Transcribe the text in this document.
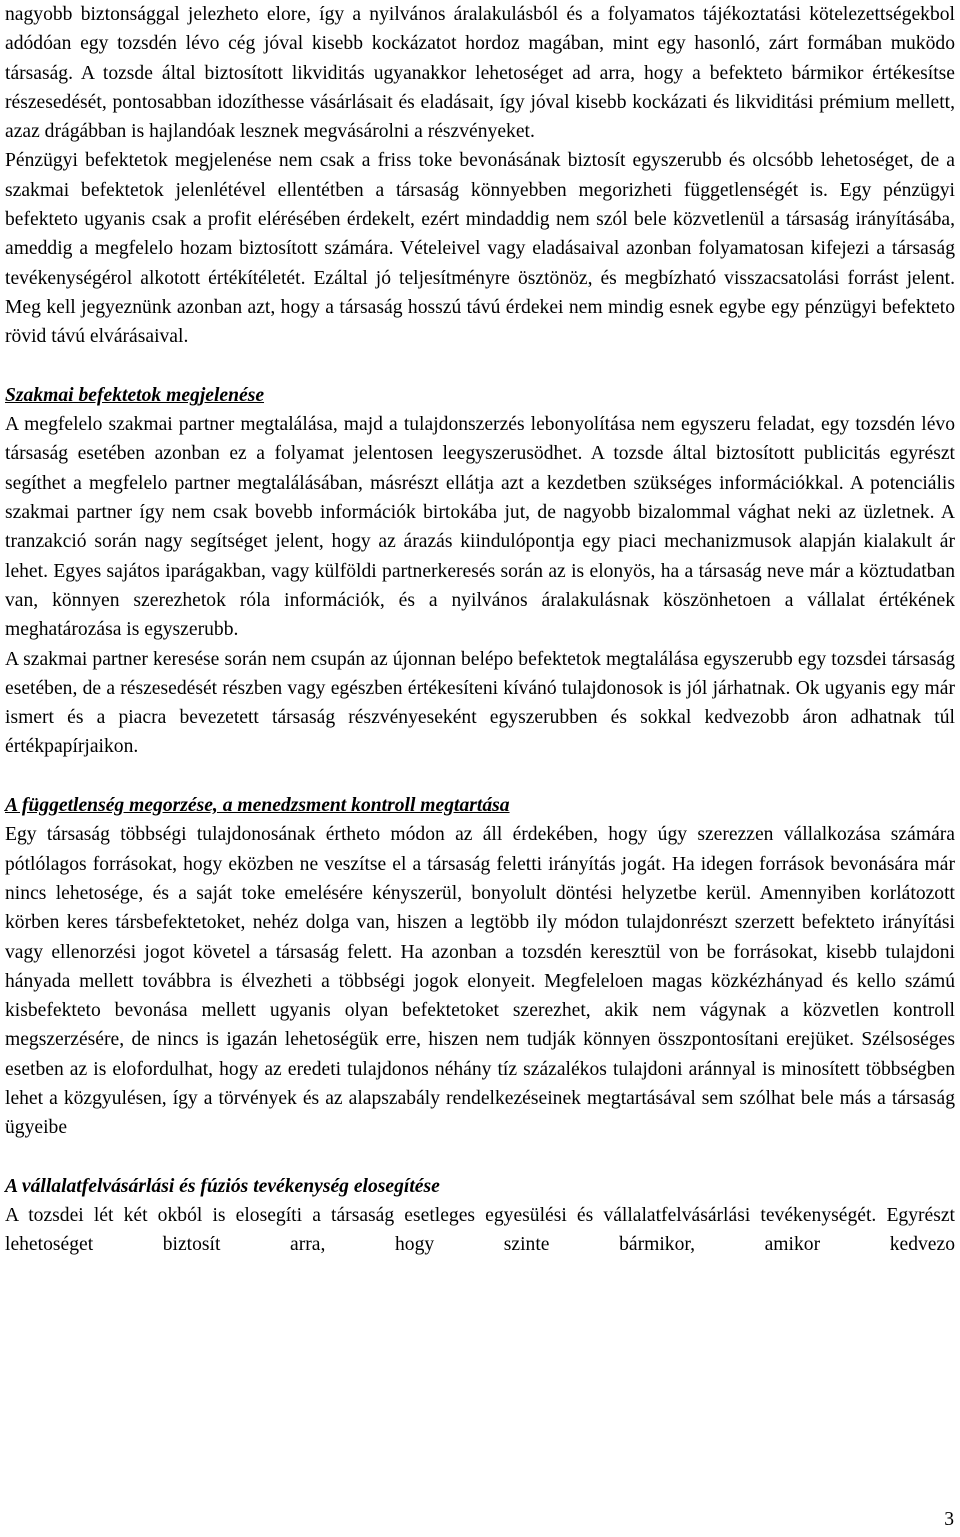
nagyobb biztonsággal jelezheto elore, így a nyilvános áralakulásból és a folyamatos tájékoztatási kötelezettségekbol adódóan egy tozsdén lévo cég jóval kisebb kockázatot hordoz magában, mint egy hasonló, zárt formában muködo társaság. A tozsde által biztosított likviditás ugyanakkor lehetoséget ad arra, hogy a befekteto bármikor értékesítse részesedését, pontosabban idozíthesse vásárlásait és eladásait, így jóval kisebb kockázati és likviditási prémium mellett, azaz drágábban is hajlandóak lesznek megvásárolni a részvényeket.

Pénzügyi befektetok megjelenése nem csak a friss toke bevonásának biztosít egyszerubb és olcsóbb lehetoséget, de a szakmai befektetok jelenlétével ellentétben a társaság könnyebben megorizheti függetlenségét is. Egy pénzügyi befekteto ugyanis csak a profit elérésében érdekelt, ezért mindaddig nem szól bele közvetlenül a társaság irányításába, ameddig a megfelelo hozam biztosított számára. Vételeivel vagy eladásaival azonban folyamatosan kifejezi a társaság tevékenységérol alkotott értékítéletét. Ezáltal jó teljesítményre ösztönöz, és megbízható visszacsatolási forrást jelent. Meg kell jegyeznünk azonban azt, hogy a társaság hosszú távú érdekei nem mindig esnek egybe egy pénzügyi befekteto rövid távú elvárásaival.

Szakmai befektetok megjelenése

A megfelelo szakmai partner megtalálása, majd a tulajdonszerzés lebonyolítása nem egyszeru feladat, egy tozsdén lévo társaság esetében azonban ez a folyamat jelentosen leegyszerusödhet. A tozsde által biztosított publicitás egyrészt segíthet a megfelelo partner megtalálásában, másrészt ellátja azt a kezdetben szükséges információkkal. A potenciális szakmai partner így nem csak bovebb információk birtokába jut, de nagyobb bizalommal vághat neki az üzletnek. A tranzakció során nagy segítséget jelent, hogy az árazás kiindulópontja egy piaci mechanizmusok alapján kialakult ár lehet. Egyes sajátos iparágakban, vagy külföldi partnerkeresés során az is elonyös, ha a társaság neve már a köztudatban van, könnyen szerezhetok róla információk, és a nyilvános áralakulásnak köszönhetoen a vállalat értékének meghatározása is egyszerubb.

A szakmai partner keresése során nem csupán az újonnan belépo befektetok megtalálása egyszerubb egy tozsdei társaság esetében, de a részesedését részben vagy egészben értékesíteni kívánó tulajdonosok is jól járhatnak. Ok ugyanis egy már ismert és a piacra bevezetett társaság részvényeseként egyszerubben és sokkal kedvezobb áron adhatnak túl értékpapírjaikon.

A függetlenség megorzése, a menedzsment kontroll megtartása

Egy társaság többségi tulajdonosának értheto módon az áll érdekében, hogy úgy szerezzen vállalkozása számára pótlólagos forrásokat, hogy eközben ne veszítse el a társaság feletti irányítás jogát. Ha idegen források bevonására már nincs lehetosége, és a saját toke emelésére kényszerül, bonyolult döntési helyzetbe kerül. Amennyiben korlátozott körben keres társbefektetoket, nehéz dolga van, hiszen a legtöbb ily módon tulajdonrészt szerzett befekteto irányítási vagy ellenorzési jogot követel a társaság felett. Ha azonban a tozsdén keresztül von be forrásokat, kisebb tulajdoni hányada mellett továbbra is élvezheti a többségi jogok elonyeit. Megfeleloen magas közkézhányad és kello számú kisbefekteto bevonása mellett ugyanis olyan befektetoket szerezhet, akik nem vágynak a közvetlen kontroll megszerzésére, de nincs is igazán lehetoségük erre, hiszen nem tudják könnyen összpontosítani erejüket. Szélsoséges esetben az is elofordulhat, hogy az eredeti tulajdonos néhány tíz százalékos tulajdoni aránnyal is minosített többségben lehet a közgyulésen, így a törvények és az alapszabály rendelkezéseinek megtartásával sem szólhat bele más a társaság ügyeibe

A vállalatfelvásárlási és fúziós tevékenység elosegítése

A tozsdei lét két okból is elosegíti a társaság esetleges egyesülési és vállalatfelvásárlási tevékenységét. Egyrészt lehetoséget biztosít arra, hogy szinte bármikor, amikor kedvezo

3
